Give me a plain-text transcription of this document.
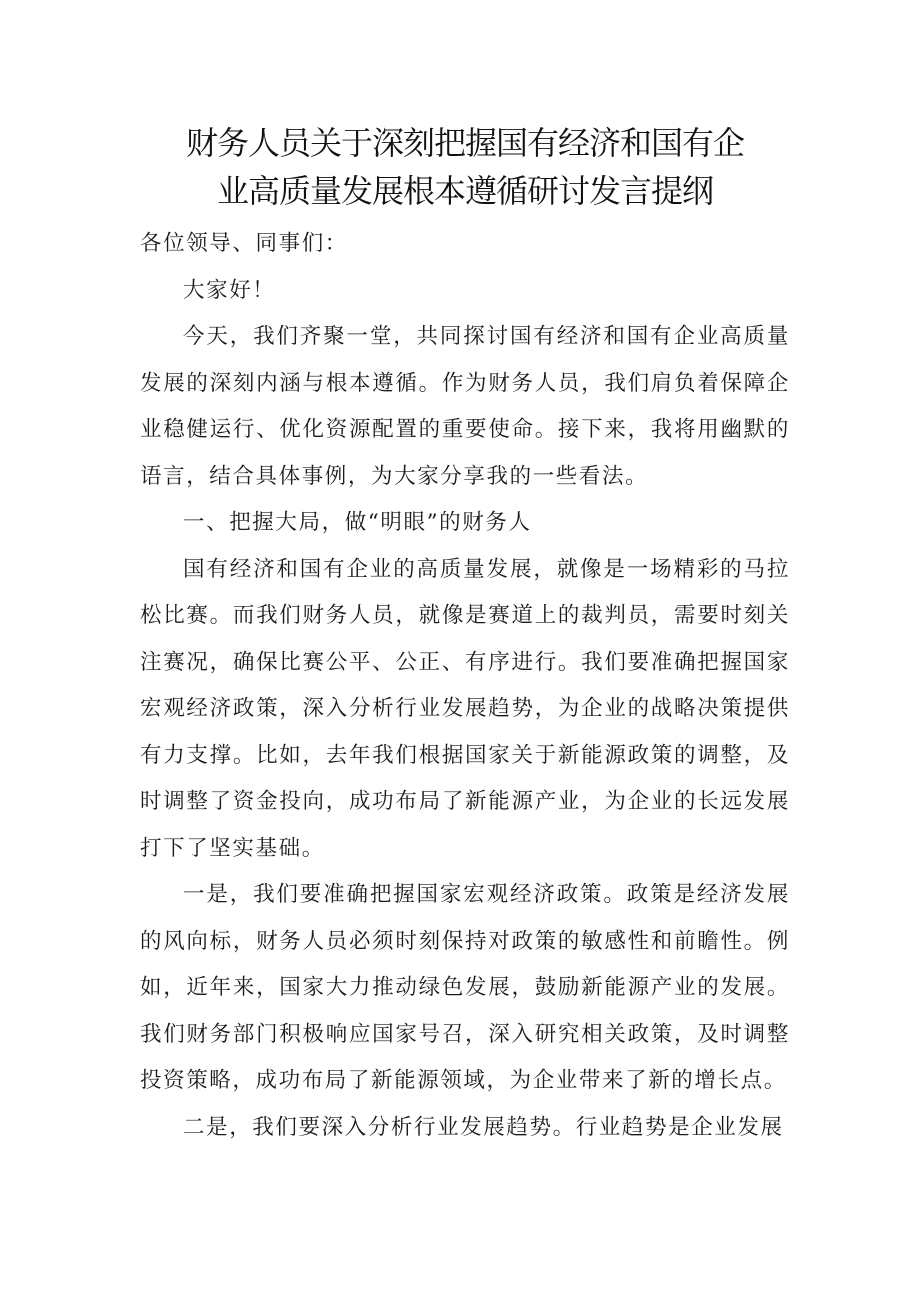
财务人员关于深刻把握国有经济和国有企
业高质量发展根本遵循研讨发言提纲

各位领导、同事们：

大家好！

今天，我们齐聚一堂，共同探讨国有经济和国有企业高质量发展的深刻内涵与根本遵循。作为财务人员，我们肩负着保障企业稳健运行、优化资源配置的重要使命。接下来，我将用幽默的语言，结合具体事例，为大家分享我的一些看法。

一、把握大局，做“明眼”的财务人

国有经济和国有企业的高质量发展，就像是一场精彩的马拉松比赛。而我们财务人员，就像是赛道上的裁判员，需要时刻关注赛况，确保比赛公平、公正、有序进行。我们要准确把握国家宏观经济政策，深入分析行业发展趋势，为企业的战略决策提供有力支撑。比如，去年我们根据国家关于新能源政策的调整，及时调整了资金投向，成功布局了新能源产业，为企业的长远发展打下了坚实基础。

一是，我们要准确把握国家宏观经济政策。政策是经济发展的风向标，财务人员必须时刻保持对政策的敏感性和前瞻性。例如，近年来，国家大力推动绿色发展，鼓励新能源产业的发展。我们财务部门积极响应国家号召，深入研究相关政策，及时调整投资策略，成功布局了新能源领域，为企业带来了新的增长点。

二是，我们要深入分析行业发展趋势。行业趋势是企业发展
